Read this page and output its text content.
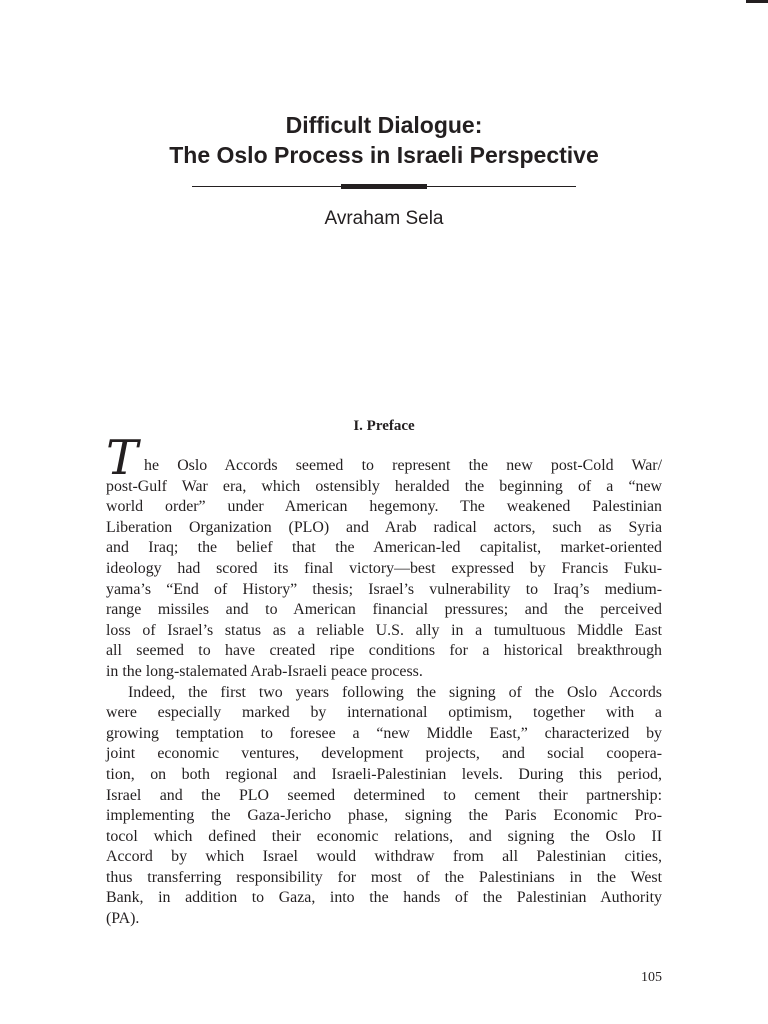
Difficult Dialogue:
The Oslo Process in Israeli Perspective
Avraham Sela
I. Preface
T he Oslo Accords seemed to represent the new post-Cold War/
post-Gulf War era, which ostensibly heralded the beginning of a “new
world order” under American hegemony. The weakened Palestinian
Liberation Organization (PLO) and Arab radical actors, such as Syria
and Iraq; the belief that the American-led capitalist, market-oriented
ideology had scored its final victory—best expressed by Francis Fuku-
yama’s “End of History” thesis; Israel’s vulnerability to Iraq’s medium-
range missiles and to American financial pressures; and the perceived
loss of Israel’s status as a reliable U.S. ally in a tumultuous Middle East
all seemed to have created ripe conditions for a historical breakthrough
in the long-stalemated Arab-Israeli peace process.
Indeed, the first two years following the signing of the Oslo Accords
were especially marked by international optimism, together with a
growing temptation to foresee a “new Middle East,” characterized by
joint economic ventures, development projects, and social coopera-
tion, on both regional and Israeli-Palestinian levels. During this period,
Israel and the PLO seemed determined to cement their partnership:
implementing the Gaza-Jericho phase, signing the Paris Economic Pro-
tocol which defined their economic relations, and signing the Oslo II
Accord by which Israel would withdraw from all Palestinian cities,
thus transferring responsibility for most of the Palestinians in the West
Bank, in addition to Gaza, into the hands of the Palestinian Authority
(PA).
105
